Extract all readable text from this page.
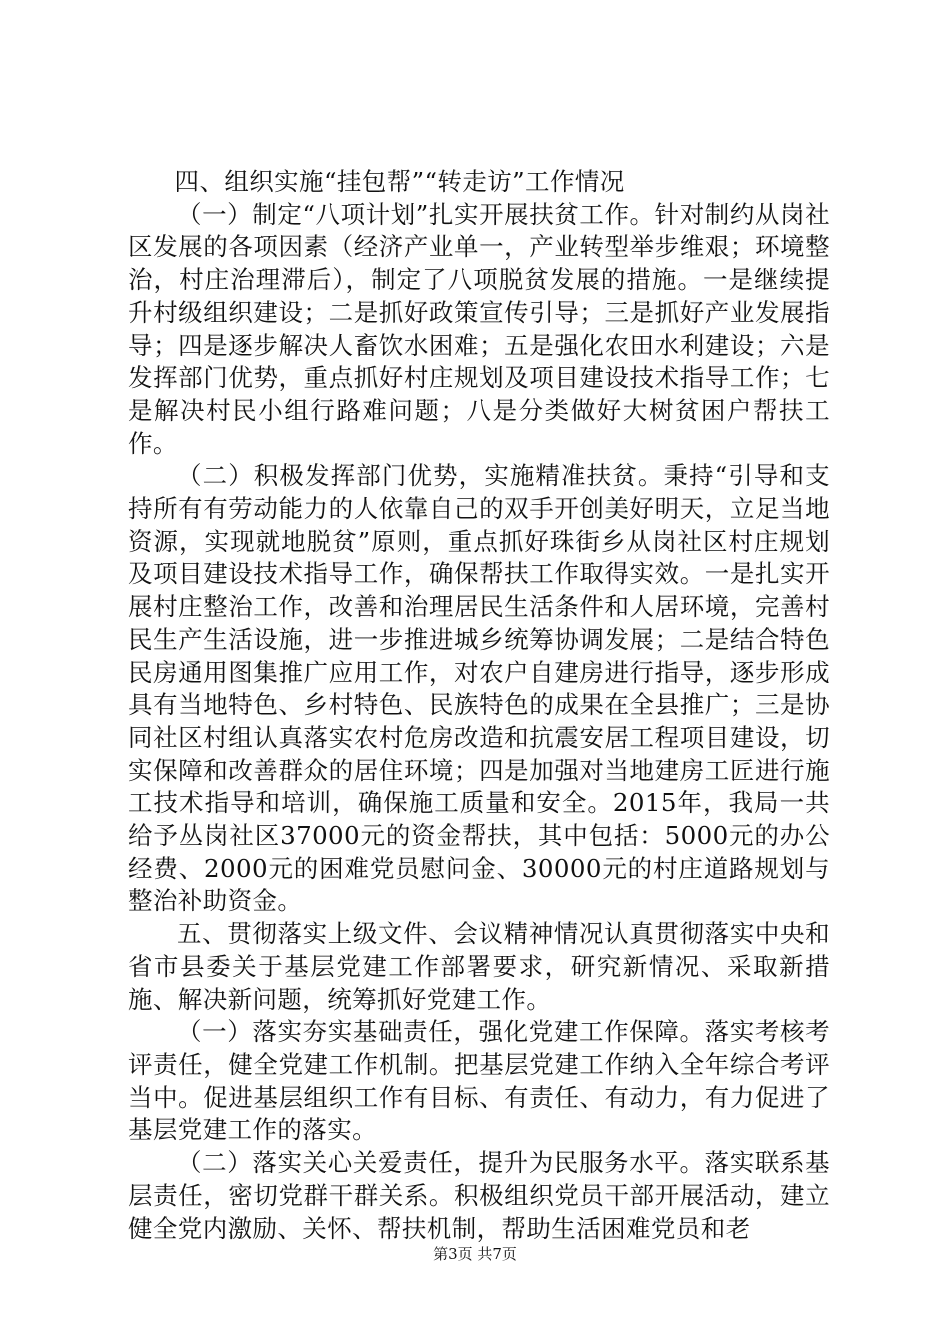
四、组织实施“挂包帮”“转走访”工作情况

（一）制定“八项计划”扎实开展扶贫工作。针对制约从岗社区发展的各项因素（经济产业单一，产业转型举步维艰；环境整治，村庄治理滞后），制定了八项脱贫发展的措施。一是继续提升村级组织建设；二是抓好政策宣传引导；三是抓好产业发展指导；四是逐步解决人畜饮水困难；五是强化农田水利建设；六是发挥部门优势，重点抓好村庄规划及项目建设技术指导工作；七是解决村民小组行路难问题；八是分类做好大树贫困户帮扶工作。

（二）积极发挥部门优势，实施精准扶贫。秉持“引导和支持所有有劳动能力的人依靠自己的双手开创美好明天，立足当地资源，实现就地脱贫”原则，重点抓好珠街乡从岗社区村庄规划及项目建设技术指导工作，确保帮扶工作取得实效。一是扎实开展村庄整治工作，改善和治理居民生活条件和人居环境，完善村民生产生活设施，进一步推进城乡统筹协调发展；二是结合特色民房通用图集推广应用工作，对农户自建房进行指导，逐步形成具有当地特色、乡村特色、民族特色的成果在全县推广；三是协同社区村组认真落实农村危房改造和抗震安居工程项目建设，切实保障和改善群众的居住环境；四是加强对当地建房工匠进行施工技术指导和培训，确保施工质量和安全。2015年，我局一共给予丛岗社区37000元的资金帮扶，其中包括：5000元的办公经费、2000元的困难党员慰问金、30000元的村庄道路规划与整治补助资金。

五、贯彻落实上级文件、会议精神情况认真贯彻落实中央和省市县委关于基层党建工作部署要求，研究新情况、采取新措施、解决新问题，统筹抓好党建工作。

（一）落实夯实基础责任，强化党建工作保障。落实考核考评责任，健全党建工作机制。把基层党建工作纳入全年综合考评当中。促进基层组织工作有目标、有责任、有动力，有力促进了基层党建工作的落实。

（二）落实关心关爱责任，提升为民服务水平。落实联系基层责任，密切党群干群关系。积极组织党员干部开展活动，建立健全党内激励、关怀、帮扶机制，帮助生活困难党员和老

第3页 共7页
